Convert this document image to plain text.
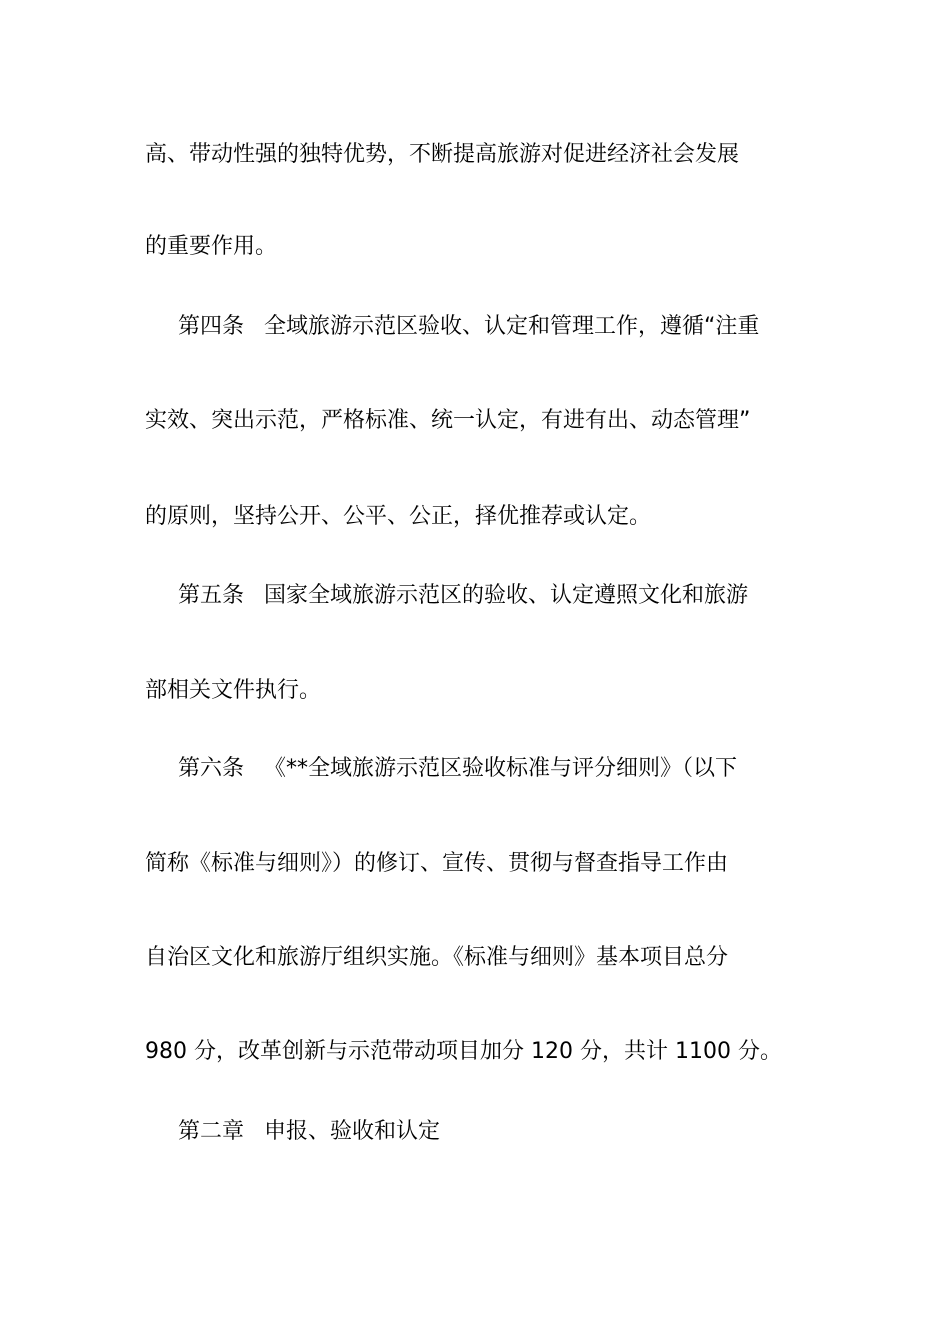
高、带动性强的独特优势，不断提高旅游对促进经济社会发展
的重要作用。
第四条 全域旅游示范区验收、认定和管理工作，遵循“注重
实效、突出示范，严格标准、统一认定，有进有出、动态管理”
的原则，坚持公开、公平、公正，择优推荐或认定。
第五条 国家全域旅游示范区的验收、认定遵照文化和旅游
部相关文件执行。
第六条 《**全域旅游示范区验收标准与评分细则》（以下
简称《标准与细则》）的修订、宣传、贯彻与督查指导工作由
自治区文化和旅游厅组织实施。《标准与细则》基本项目总分
980 分，改革创新与示范带动项目加分 120 分，共计 1100 分。
第二章 申报、验收和认定
